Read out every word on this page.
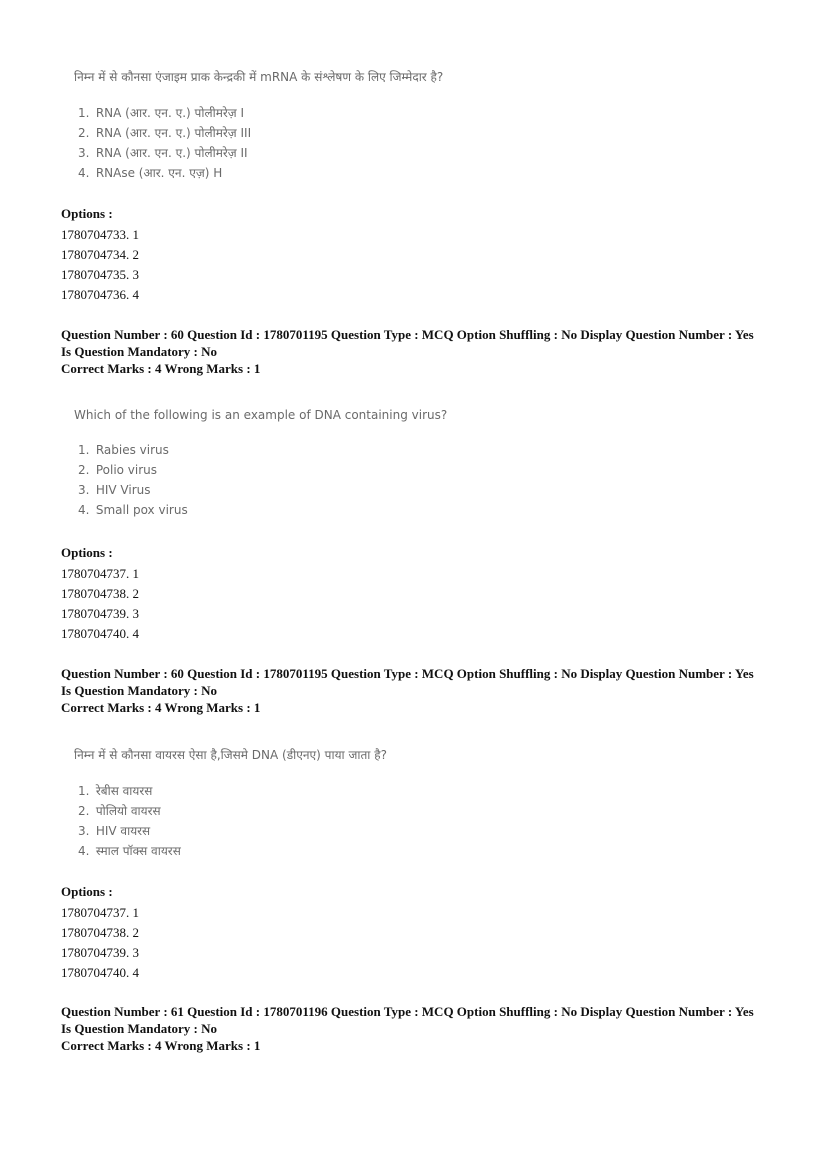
निम्न में से कौनसा एंजाइम प्राक केन्द्रकी में mRNA के संश्लेषण के लिए जिम्मेदार है?
1. RNA (आर. एन. ए.) पोलीमरेज़ I
2. RNA (आर. एन. ए.) पोलीमरेज़ III
3. RNA (आर. एन. ए.) पोलीमरेज़ II
4. RNAse (आर. एन. एज़) H
Options :
1780704733. 1
1780704734. 2
1780704735. 3
1780704736. 4
Question Number : 60 Question Id : 1780701195 Question Type : MCQ Option Shuffling : No Display Question Number : Yes
Is Question Mandatory : No
Correct Marks : 4 Wrong Marks : 1
Which of the following is an example of DNA containing virus?
1. Rabies virus
2. Polio virus
3. HIV Virus
4. Small pox virus
Options :
1780704737. 1
1780704738. 2
1780704739. 3
1780704740. 4
Question Number : 60 Question Id : 1780701195 Question Type : MCQ Option Shuffling : No Display Question Number : Yes
Is Question Mandatory : No
Correct Marks : 4 Wrong Marks : 1
निम्न में से कौनसा वायरस ऐसा है,जिसमे DNA (डीएनए) पाया जाता है?
1. रेबीस वायरस
2. पोलियो वायरस
3. HIV वायरस
4. स्माल पॉक्स वायरस
Options :
1780704737. 1
1780704738. 2
1780704739. 3
1780704740. 4
Question Number : 61 Question Id : 1780701196 Question Type : MCQ Option Shuffling : No Display Question Number : Yes
Is Question Mandatory : No
Correct Marks : 4 Wrong Marks : 1
